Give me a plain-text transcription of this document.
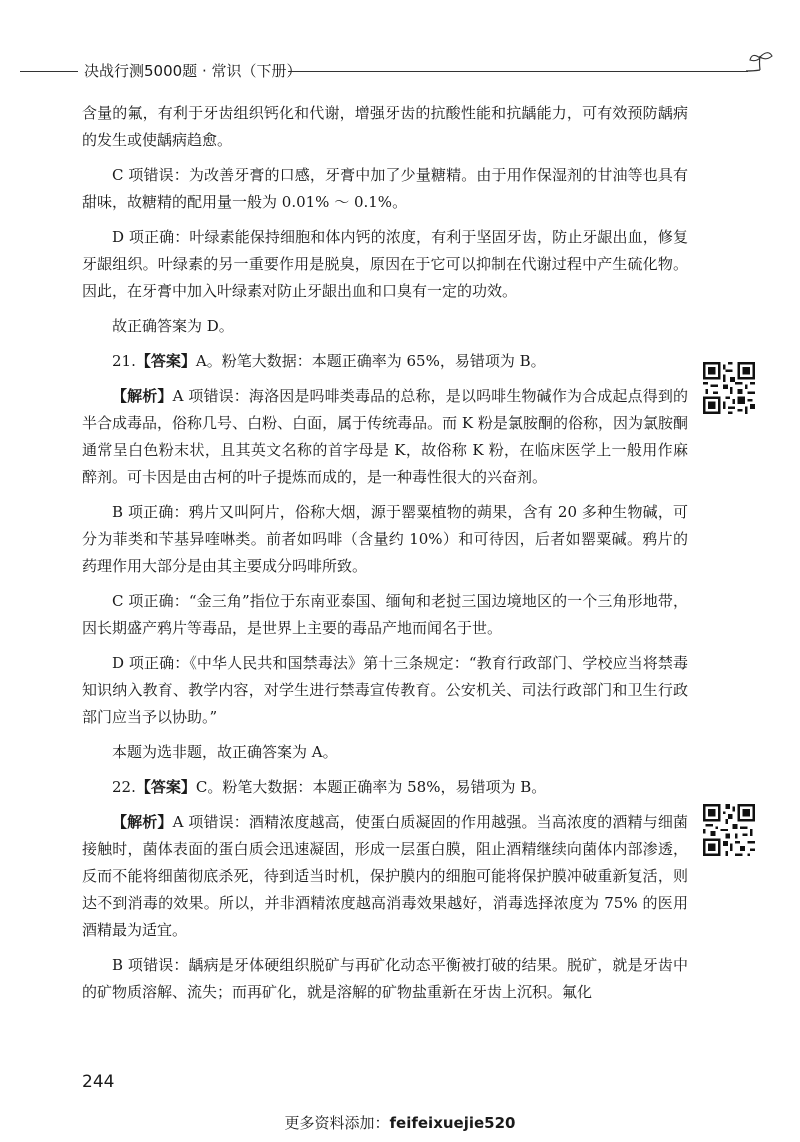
决战行测5000题 · 常识（下册）

含量的氟，有利于牙齿组织钙化和代谢，增强牙齿的抗酸性能和抗龋能力，可有效预防龋病的发生或使龋病趋愈。

C 项错误：为改善牙膏的口感，牙膏中加了少量糖精。由于用作保湿剂的甘油等也具有甜味，故糖精的配用量一般为 0.01% ～ 0.1%。

D 项正确：叶绿素能保持细胞和体内钙的浓度，有利于坚固牙齿，防止牙龈出血，修复牙龈组织。叶绿素的另一重要作用是脱臭，原因在于它可以抑制在代谢过程中产生硫化物。因此，在牙膏中加入叶绿素对防止牙龈出血和口臭有一定的功效。

故正确答案为 D。

21.【答案】A。粉笔大数据：本题正确率为 65%，易错项为 B。

【解析】A 项错误：海洛因是吗啡类毒品的总称，是以吗啡生物碱作为合成起点得到的半合成毒品，俗称几号、白粉、白面，属于传统毒品。而 K 粉是氯胺酮的俗称，因为氯胺酮通常呈白色粉末状，且其英文名称的首字母是 K，故俗称 K 粉，在临床医学上一般用作麻醉剂。可卡因是由古柯的叶子提炼而成的，是一种毒性很大的兴奋剂。

B 项正确：鸦片又叫阿片，俗称大烟，源于罂粟植物的蒴果，含有 20 多种生物碱，可分为菲类和苄基异喹啉类。前者如吗啡（含量约 10%）和可待因，后者如罂粟碱。鸦片的药理作用大部分是由其主要成分吗啡所致。

C 项正确：“金三角”指位于东南亚泰国、缅甸和老挝三国边境地区的一个三角形地带，因长期盛产鸦片等毒品，是世界上主要的毒品产地而闻名于世。

D 项正确：《中华人民共和国禁毒法》第十三条规定：“教育行政部门、学校应当将禁毒知识纳入教育、教学内容，对学生进行禁毒宣传教育。公安机关、司法行政部门和卫生行政部门应当予以协助。”

本题为选非题，故正确答案为 A。

22.【答案】C。粉笔大数据：本题正确率为 58%，易错项为 B。

【解析】A 项错误：酒精浓度越高，使蛋白质凝固的作用越强。当高浓度的酒精与细菌接触时，菌体表面的蛋白质会迅速凝固，形成一层蛋白膜，阻止酒精继续向菌体内部渗透，反而不能将细菌彻底杀死，待到适当时机，保护膜内的细胞可能将保护膜冲破重新复活，则达不到消毒的效果。所以，并非酒精浓度越高消毒效果越好，消毒选择浓度为 75% 的医用酒精最为适宜。

B 项错误：龋病是牙体硬组织脱矿与再矿化动态平衡被打破的结果。脱矿，就是牙齿中的矿物质溶解、流失；而再矿化，就是溶解的矿物盐重新在牙齿上沉积。氟化

244
更多资料添加：feifeixuejie520
